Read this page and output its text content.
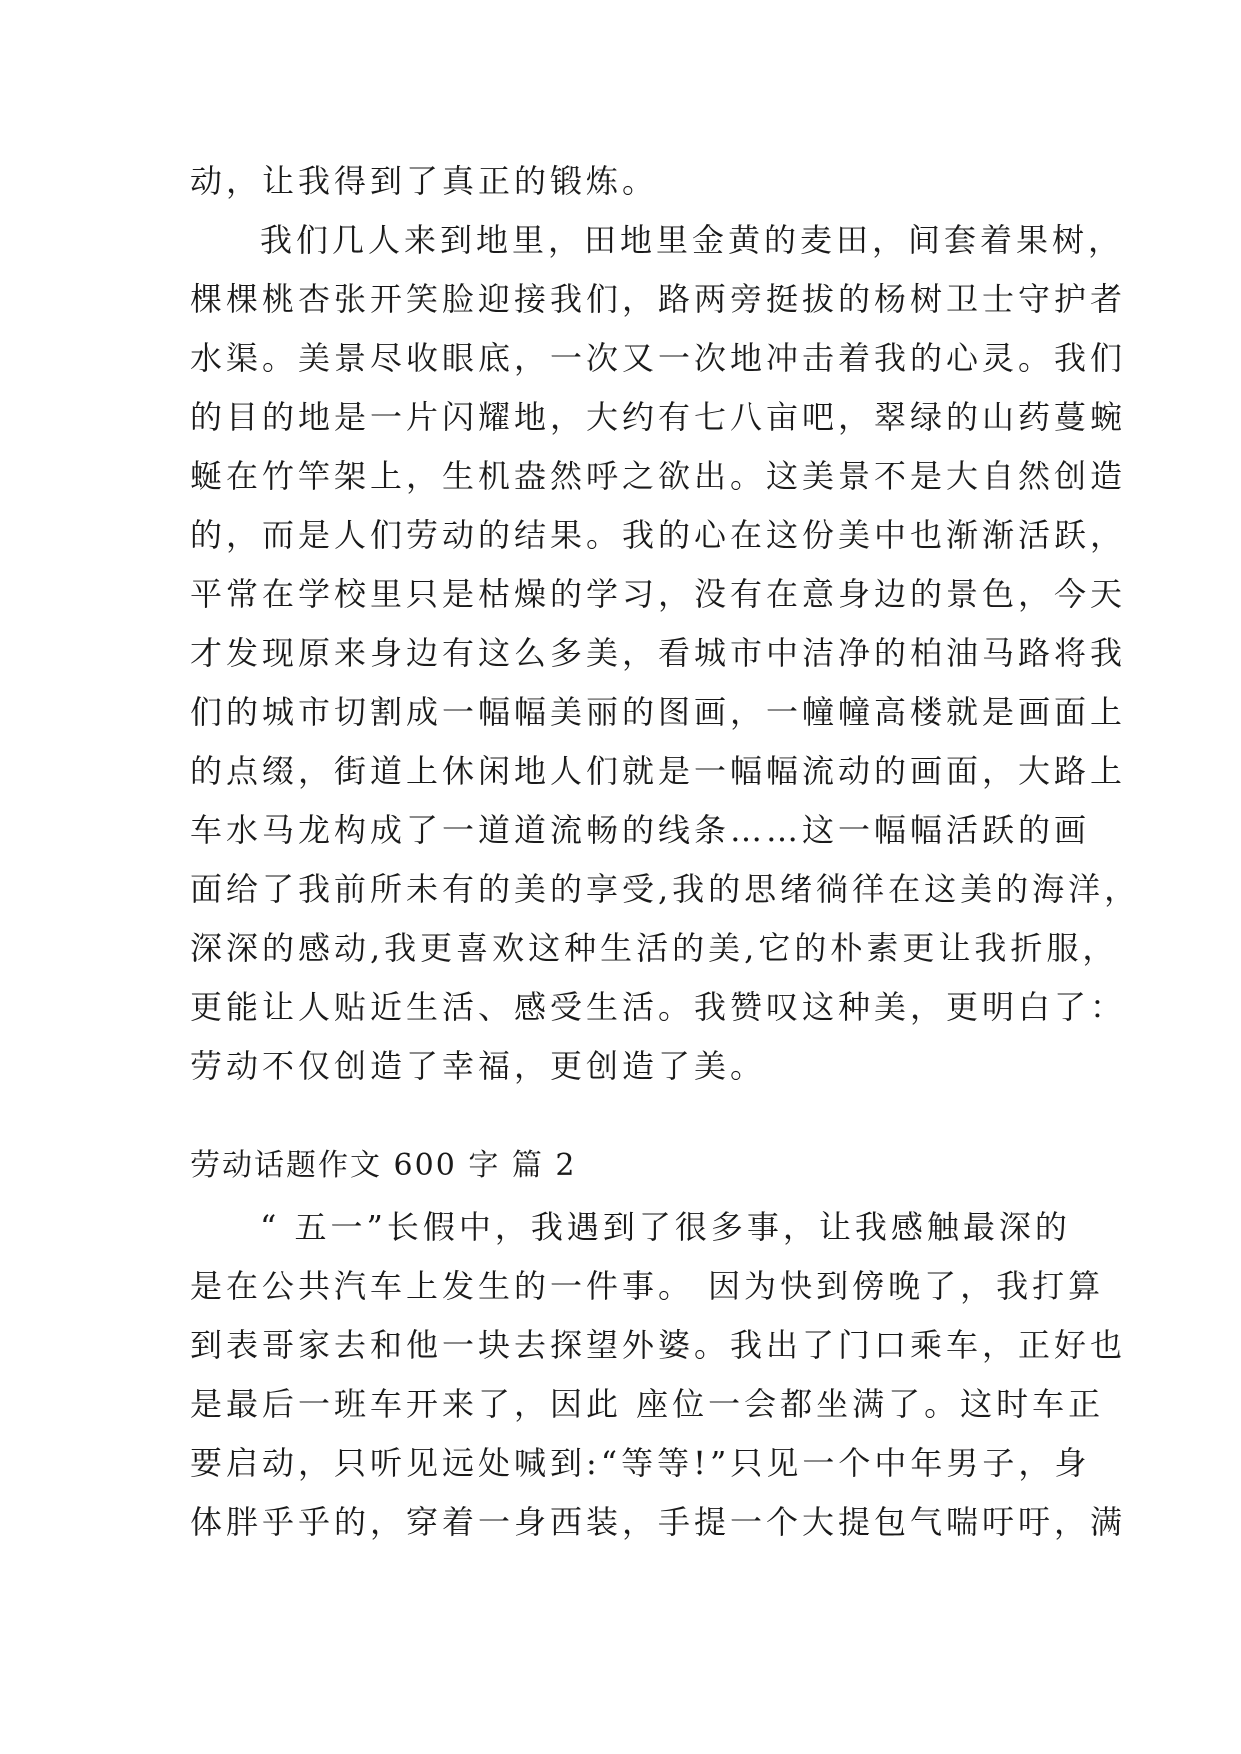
动，让我得到了真正的锻炼。
我们几人来到地里，田地里金黄的麦田，间套着果树，
棵棵桃杏张开笑脸迎接我们，路两旁挺拔的杨树卫士守护者
水渠。美景尽收眼底，一次又一次地冲击着我的心灵。我们
的目的地是一片闪耀地，大约有七八亩吧，翠绿的山药蔓蜿
蜒在竹竿架上，生机盎然呼之欲出。这美景不是大自然创造
的，而是人们劳动的结果。我的心在这份美中也渐渐活跃，
平常在学校里只是枯燥的学习，没有在意身边的景色，今天
才发现原来身边有这么多美，看城市中洁净的柏油马路将我
们的城市切割成一幅幅美丽的图画，一幢幢高楼就是画面上
的点缀，街道上休闲地人们就是一幅幅流动的画面，大路上
车水马龙构成了一道道流畅的线条……这一幅幅活跃的画
面给了我前所未有的美的享受,我的思绪徜徉在这美的海洋，
深深的感动,我更喜欢这种生活的美,它的朴素更让我折服，
更能让人贴近生活、感受生活。我赞叹这种美，更明白了：
劳动不仅创造了幸福，更创造了美。
劳动话题作文 600 字 篇 2
“ 五一”长假中，我遇到了很多事，让我感触最深的
是在公共汽车上发生的一件事。 因为快到傍晚了，我打算
到表哥家去和他一块去探望外婆。我出了门口乘车，正好也
是最后一班车开来了，因此 座位一会都坐满了。这时车正
要启动，只听见远处喊到:“等等!”只见一个中年男子，身
体胖乎乎的，穿着一身西装，手提一个大提包气喘吁吁，满
